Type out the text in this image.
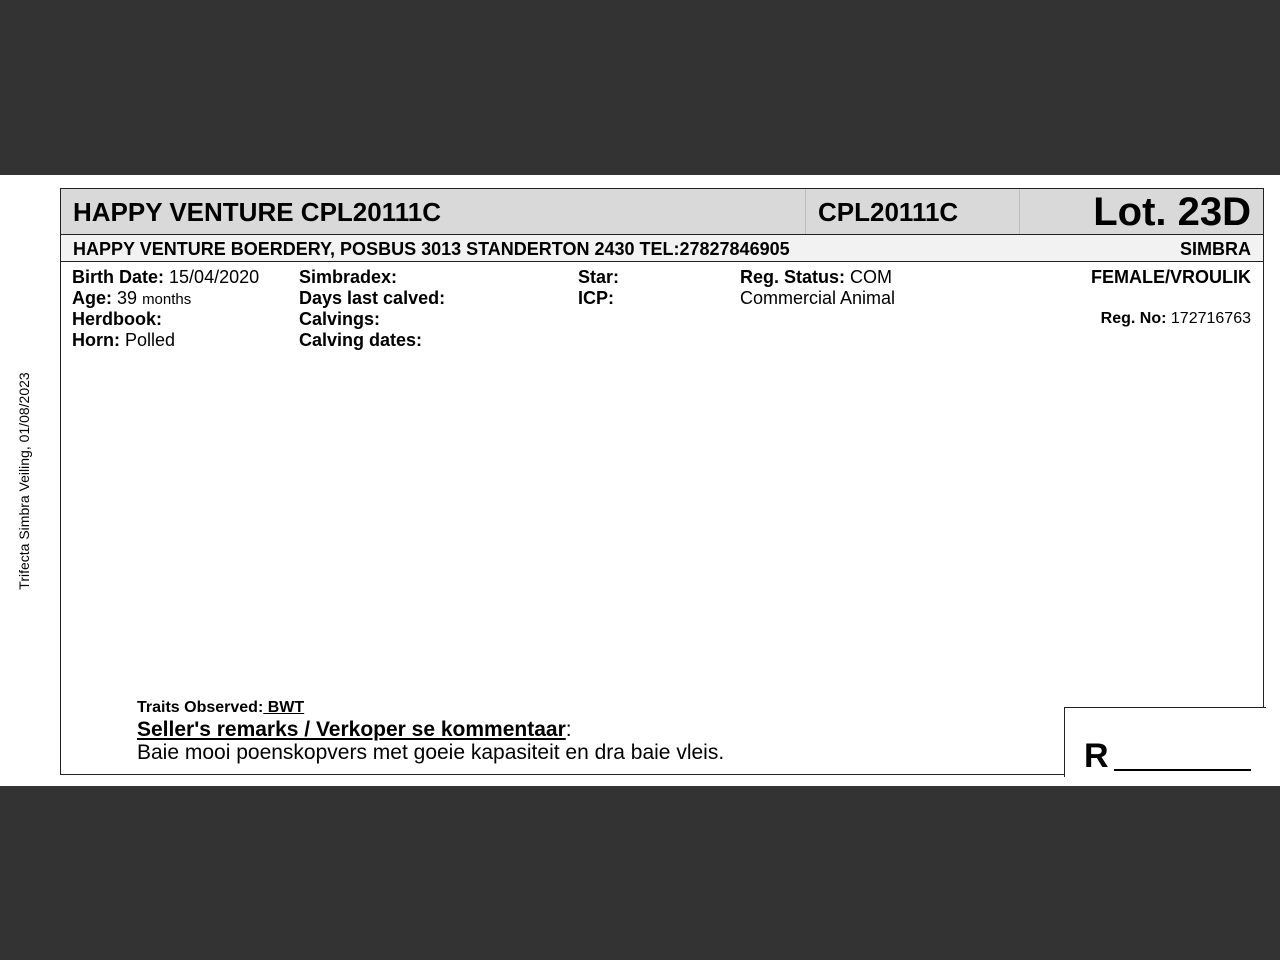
Trifecta Simbra Veiling, 01/08/2023
HAPPY VENTURE CPL20111C	CPL20111C	Lot. 23D
HAPPY VENTURE BOERDERY, POSBUS 3013 STANDERTON 2430 TEL:27827846905	SIMBRA
Birth Date: 15/04/2020
Age: 39 months
Herdbook:
Horn: Polled
Simbradex:
Days last calved:
Calvings:
Calving dates:
Star:
ICP:
Reg. Status: COM
Commercial Animal
FEMALE/VROULIK
Reg. No: 172716763
Traits Observed: BWT
Seller's remarks / Verkoper se kommentaar:
Baie mooi poenskopvers met goeie kapasiteit en dra baie vleis.	R
